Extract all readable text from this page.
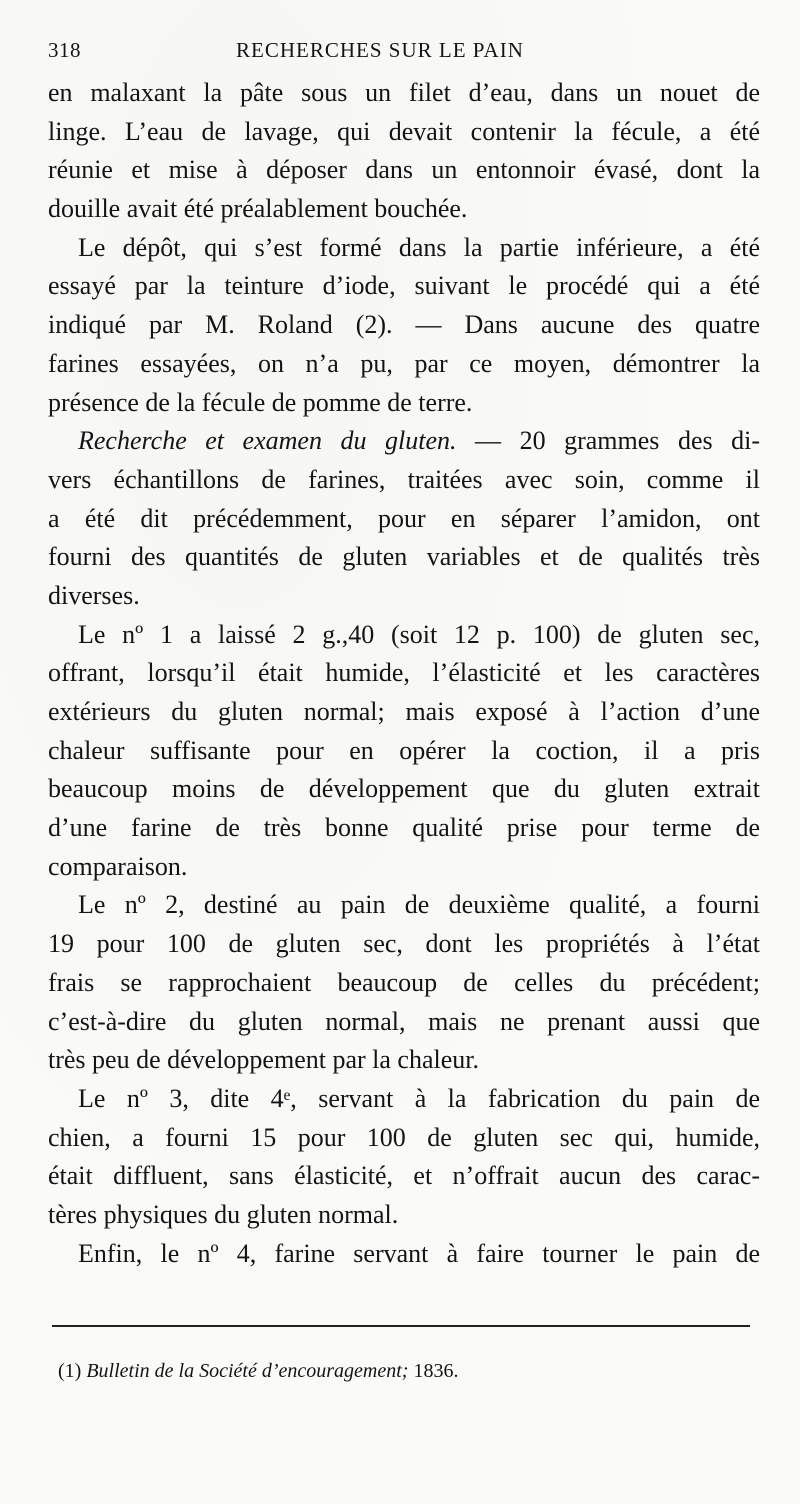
318	RECHERCHES SUR LE PAIN
en malaxant la pâte sous un filet d’eau, dans un nouet de
linge. L’eau de lavage, qui devait contenir la fécule, a été
réunie et mise à déposer dans un entonnoir évasé, dont la
douille avait été préalablement bouchée.
Le dépôt, qui s’est formé dans la partie inférieure, a été
essayé par la teinture d’iode, suivant le procédé qui a été
indiqué par M. Roland (2). — Dans aucune des quatre
farines essayées, on n’a pu, par ce moyen, démontrer la
présence de la fécule de pomme de terre.
Recherche et examen du gluten. — 20 grammes des di-
vers échantillons de farines, traitées avec soin, comme il
a été dit précédemment, pour en séparer l’amidon, ont
fourni des quantités de gluten variables et de qualités très
diverses.
Le nº 1 a laissé 2 g.,40 (soit 12 p. 100) de gluten sec,
offrant, lorsqu’il était humide, l’élasticité et les caractères
extérieurs du gluten normal; mais exposé à l’action d’une
chaleur suffisante pour en opérer la coction, il a pris
beaucoup moins de développement que du gluten extrait
d’une farine de très bonne qualité prise pour terme de
comparaison.
Le nº 2, destiné au pain de deuxième qualité, a fourni
19 pour 100 de gluten sec, dont les propriétés à l’état
frais se rapprochaient beaucoup de celles du précédent;
c’est-à-dire du gluten normal, mais ne prenant aussi que
très peu de développement par la chaleur.
Le nº 3, dite 4ᵉ, servant à la fabrication du pain de
chien, a fourni 15 pour 100 de gluten sec qui, humide,
était diffluent, sans élasticité, et n’offrait aucun des carac-
tères physiques du gluten normal.
Enfin, le nº 4, farine servant à faire tourner le pain de
(1) Bulletin de la Société d’encouragement; 1836.
